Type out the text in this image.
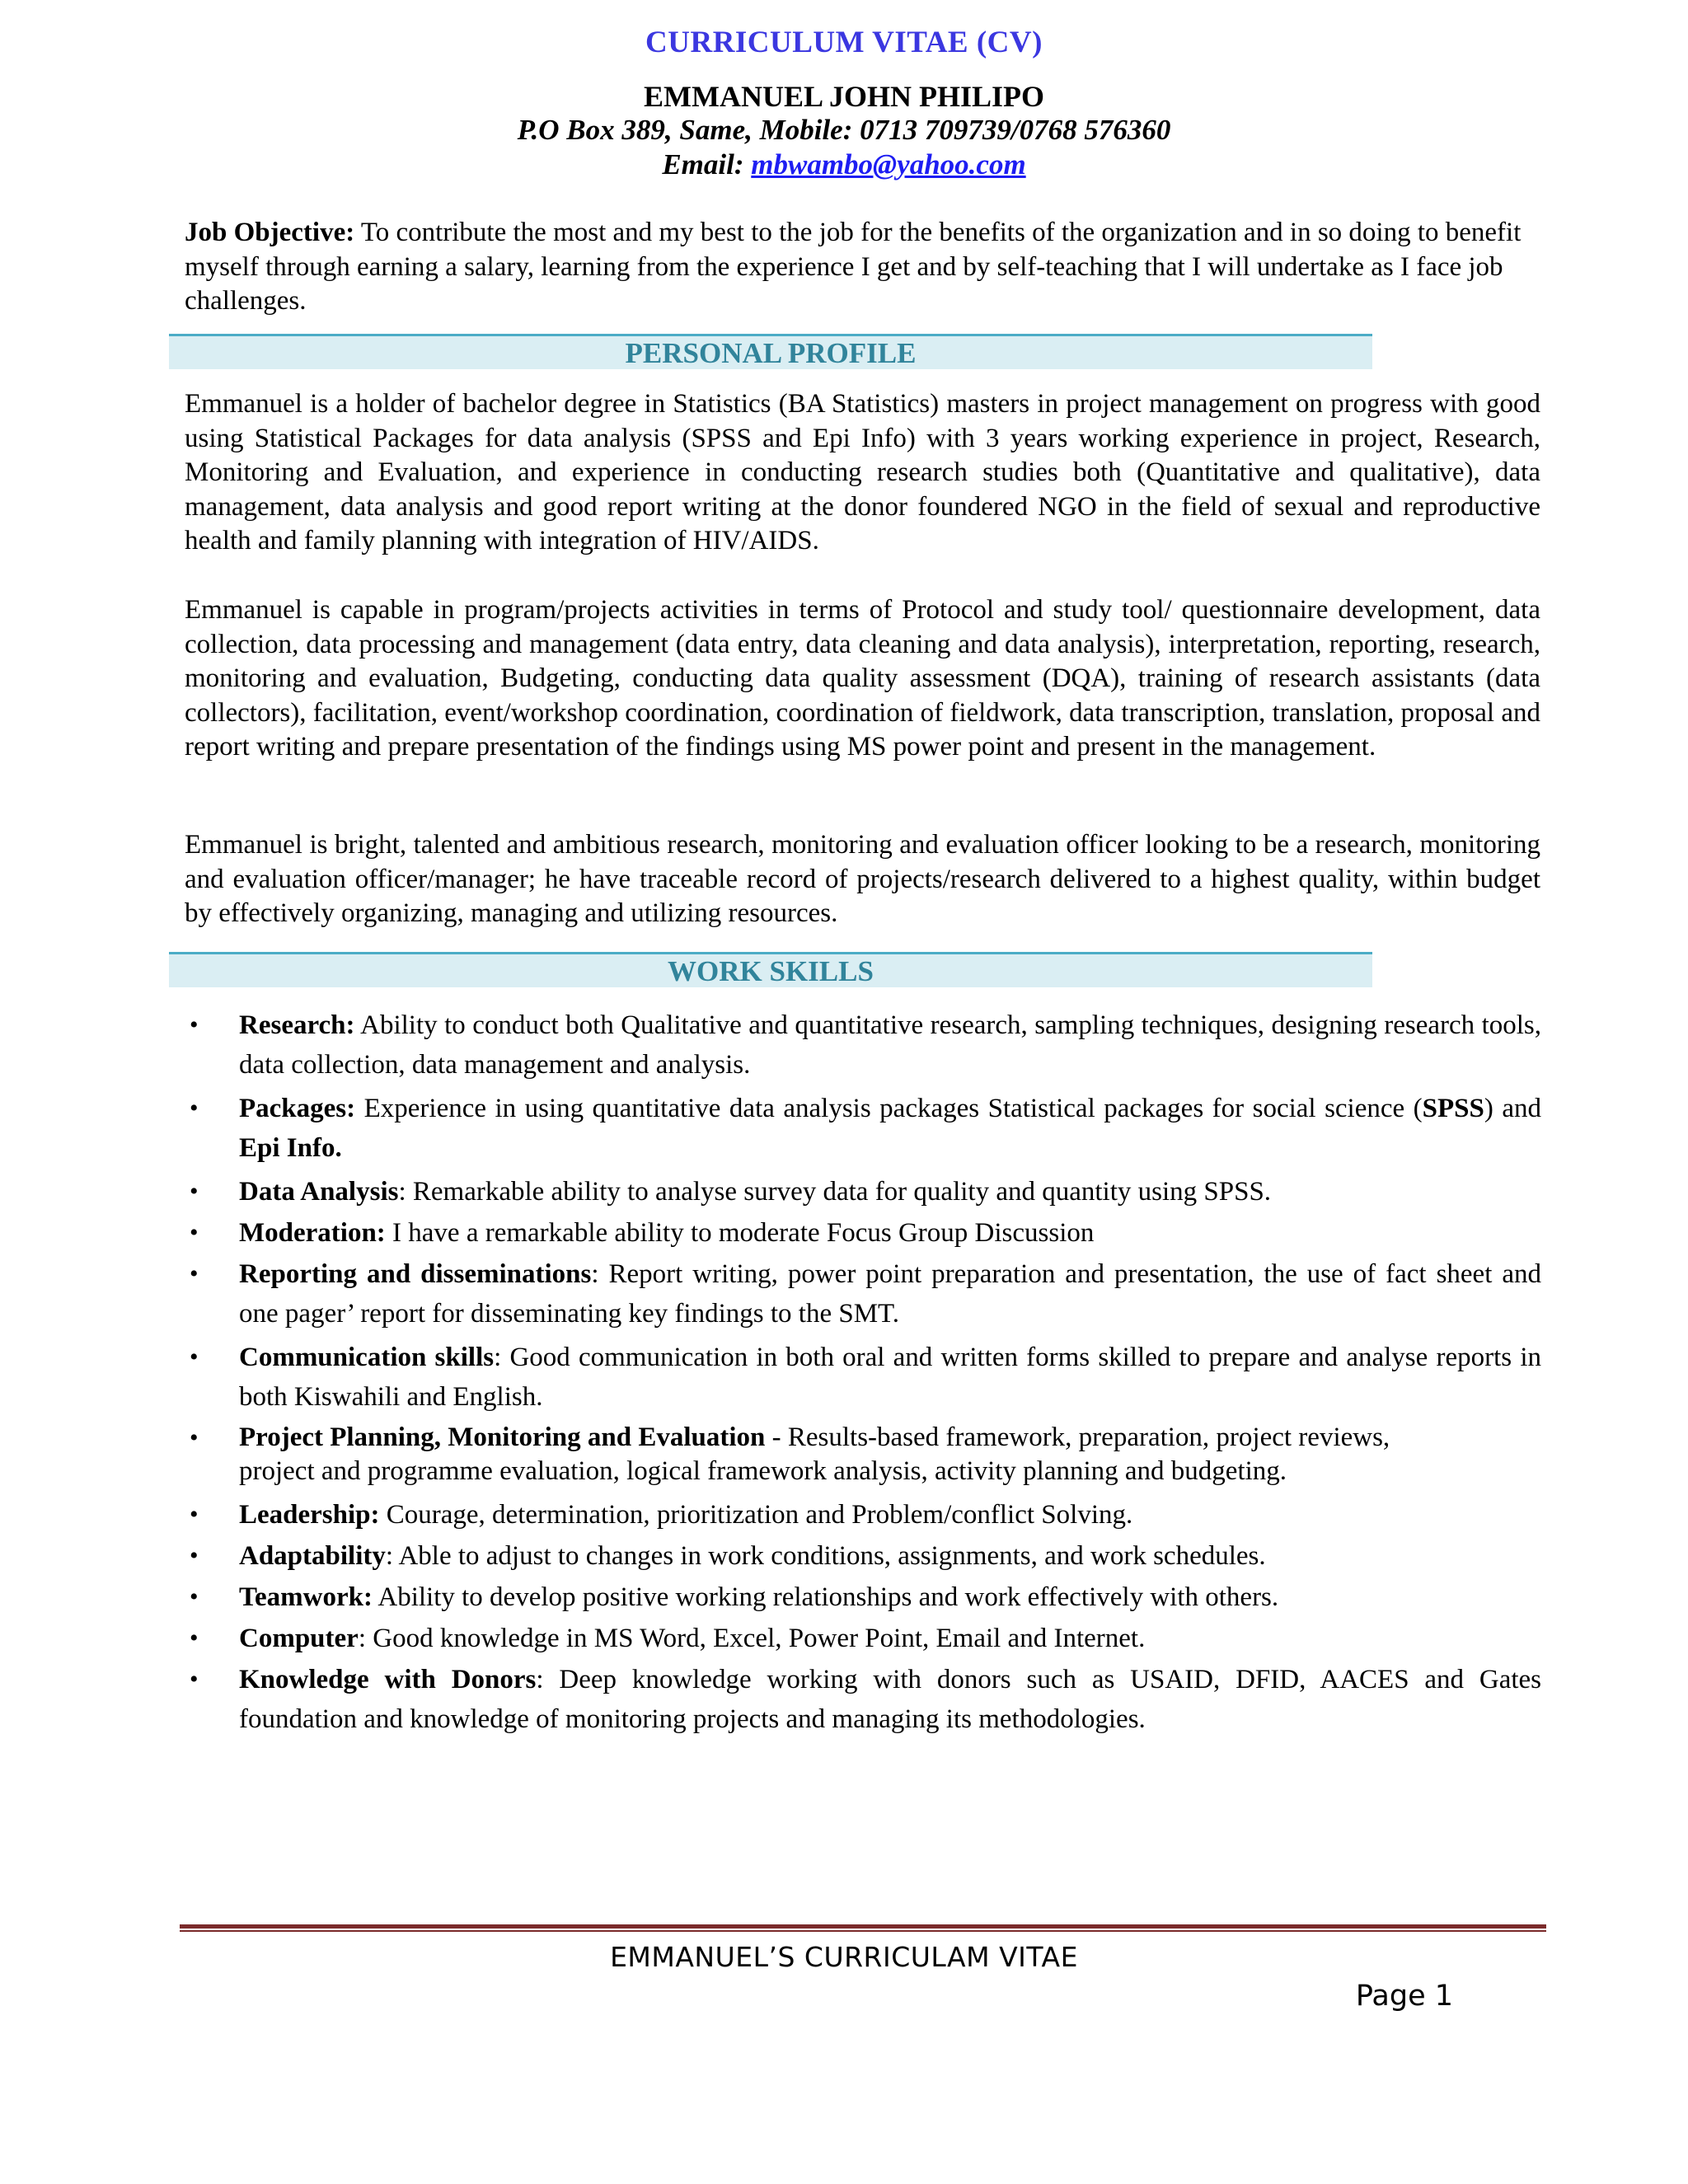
CURRICULUM VITAE (CV)
EMMANUEL JOHN PHILIPO
P.O Box 389, Same, Mobile: 0713 709739/0768 576360
Email: mbwambo@yahoo.com
Job Objective: To contribute the most and my best to the job for the benefits of the organization and in so doing to benefit myself through earning a salary, learning from the experience I get and by self-teaching that I will undertake as I face job challenges.
PERSONAL PROFILE
Emmanuel is a holder of bachelor degree in Statistics (BA Statistics) masters in project management on progress with good using Statistical Packages for data analysis (SPSS and Epi Info) with 3 years working experience in project, Research, Monitoring and Evaluation, and experience in conducting research studies both (Quantitative and qualitative), data management, data analysis and good report writing at the donor foundered NGO in the field of sexual and reproductive health and family planning with integration of HIV/AIDS.
Emmanuel is capable in program/projects activities in terms of Protocol and study tool/ questionnaire development, data collection, data processing and management (data entry, data cleaning and data analysis), interpretation, reporting, research, monitoring and evaluation, Budgeting, conducting data quality assessment (DQA), training of research assistants (data collectors), facilitation, event/workshop coordination, coordination of fieldwork, data transcription, translation, proposal and report writing and prepare presentation of the findings using MS power point and present in the management.
Emmanuel is bright, talented and ambitious research, monitoring and evaluation officer looking to be a research, monitoring and evaluation officer/manager; he have traceable record of projects/research delivered to a highest quality, within budget by effectively organizing, managing and utilizing resources.
WORK SKILLS
• Research: Ability to conduct both Qualitative and quantitative research, sampling techniques, designing research tools, data collection, data management and analysis.
• Packages: Experience in using quantitative data analysis packages Statistical packages for social science (SPSS) and Epi Info.
• Data Analysis: Remarkable ability to analyse survey data for quality and quantity using SPSS.
• Moderation: I have a remarkable ability to moderate Focus Group Discussion
• Reporting and disseminations: Report writing, power point preparation and presentation, the use of fact sheet and one pager’ report for disseminating key findings to the SMT.
• Communication skills: Good communication in both oral and written forms skilled to prepare and analyse reports in both Kiswahili and English.
• Project Planning, Monitoring and Evaluation - Results-based framework, preparation, project reviews, project and programme evaluation, logical framework analysis, activity planning and budgeting.
• Leadership: Courage, determination, prioritization and Problem/conflict Solving.
• Adaptability: Able to adjust to changes in work conditions, assignments, and work schedules.
• Teamwork: Ability to develop positive working relationships and work effectively with others.
• Computer: Good knowledge in MS Word, Excel, Power Point, Email and Internet.
• Knowledge with Donors: Deep knowledge working with donors such as USAID, DFID, AACES and Gates foundation and knowledge of monitoring projects and managing its methodologies.
EMMANUEL’S CURRICULAM VITAE
Page 1
